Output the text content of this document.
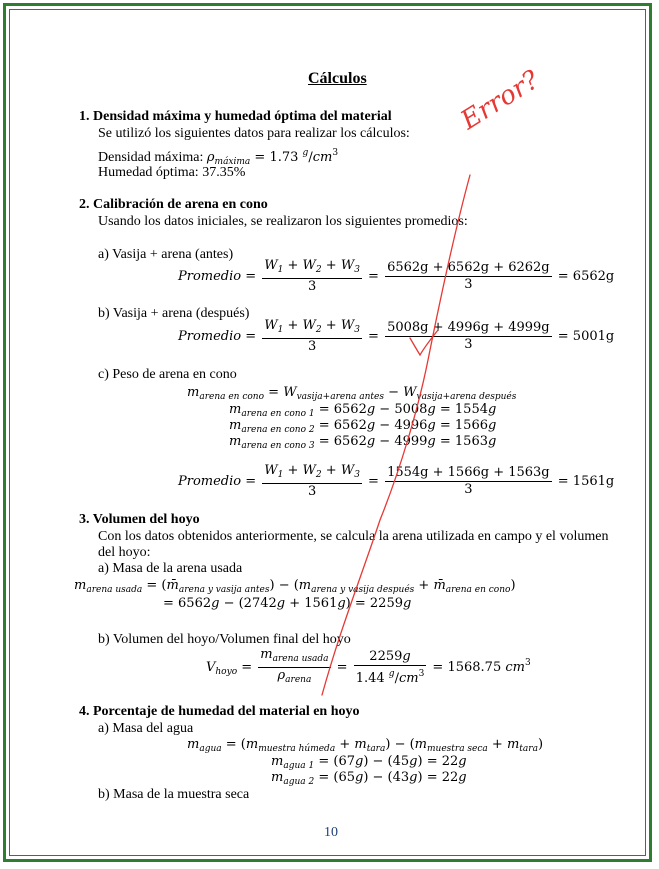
Cálculos
1. Densidad máxima y humedad óptima del material
Se utilizó los siguientes datos para realizar los cálculos:
Densidad máxima: $\rho_{máxima} = 1.73$ $^g/cm^3$
Humedad óptima: 37.35%
2. Calibración de arena en cono
Usando los datos iniciales, se realizaron los siguientes promedios:
a) Vasija + arena (antes)
Promedio = $\frac{W_1 + W_2 + W_3}{3} = \frac{6562g + 6562g + 6262g}{3} = 6562g$
b) Vasija + arena (después)
Promedio = $\frac{W_1 + W_2 + W_3}{3} = \frac{5008g + 4996g + 4999g}{3} = 5001g$
c) Peso de arena en cono
$m_{arena en cono} = W_{vasija+arena antes} - W_{vasija+arena después}$
$m_{arena en cono 1} = 6562g - 5008g = 1554g$
$m_{arena en cono 2} = 6562g - 4996g = 1566g$
$m_{arena en cono 3} = 6562g - 4999g = 1563g$
Promedio = $\frac{W_1 + W_2 + W_3}{3} = \frac{1554g + 1566g + 1563g}{3} = 1561g$
3. Volumen del hoyo
Con los datos obtenidos anteriormente, se calcula la arena utilizada en campo y el volumen
del hoyo:
a) Masa de la arena usada
$m_{arena usada}$ = $(m̄_{arena y vasija antes}) - (m_{arena y vasija después}$ + $m̄_{arena en cono}$)
= 6562g − (2742g + 1561g) = 2259g
b) Volumen del hoyo/Volumen final del hoyo
$V_{hoyo} = \frac{m_{arena usada}}{\rho_{arena}} = \frac{2259g}{1.44 ^g/cm^3} = 1568.75$ $cm^3$
4. Porcentaje de humedad del material en hoyo
a) Masa del agua
$m_{agua} = (m_{muestra húmeda} + m_{tara}) - (m_{muestra seca} + m_{tara})$
$m_{agua 1} = (67g) - (45g) = 22g$
$m_{agua 2} = (65g) - (43g) = 22g$
b) Masa de la muestra seca
10
Error?
